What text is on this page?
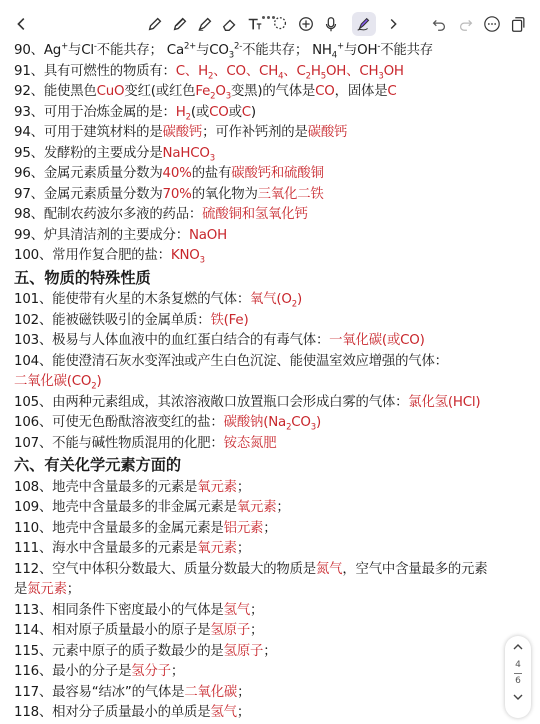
90、Ag+与Cl-不能共存； $Ca^{2+}$与$CO_3^{2-}$不能共存； $NH_4^+$与OH-不能共存
91、具有可燃性的物质有：C、$H_2$、CO、$CH_4$、$C_2H_5OH$、$CH_3OH$
92、能使黑色CuO变红(或红色$Fe_2O_3$变黑)的气体是CO，固体是C
93、可用于冶炼金属的是：$H_2$(或CO或C)
94、可用于建筑材料的是碳酸钙；可作补钙剂的是碳酸钙
95、发酵粉的主要成分是NaHCO$_3$
96、金属元素质量分数为40%的盐有碳酸钙和硫酸铜
97、金属元素质量分数为70%的氧化物为三氧化二铁
98、配制农药波尔多液的药品：硫酸铜和氢氧化钙
99、炉具清洁剂的主要成分：NaOH
100、常用作复合肥的盐：$KNO_3$
五、物质的特殊性质
101、能使带有火星的木条复燃的气体：氧气$(O_2)$
102、能被磁铁吸引的金属单质：铁(Fe)
103、极易与人体血液中的血红蛋白结合的有毒气体：一氧化碳(或CO)
104、能使澄清石灰水变浑浊或产生白色沉淀、能使温室效应增强的气体：
二氧化碳$(CO_2)$
105、由两种元素组成，其浓溶液敞口放置瓶口会形成白雾的气体：氯化氢(HCl)
106、可使无色酚酞溶液变红的盐：碳酸钠$(Na_2CO_3)$
107、不能与碱性物质混用的化肥：铵态氮肥
六、有关化学元素方面的
108、地壳中含量最多的元素是氧元素；
109、地壳中含量最多的非金属元素是氧元素；
110、地壳中含量最多的金属元素是铝元素；
111、海水中含量最多的元素是氧元素；
112、空气中体积分数最大、质量分数最大的物质是氮气，空气中含量最多的元素
是氮元素；
113、相同条件下密度最小的气体是氢气；
114、相对原子质量最小的原子是氢原子；
115、元素中原子的质子数最少的是氢原子；
116、最小的分子是氢分子；
117、最容易“结冰”的气体是二氧化碳；
118、相对分子质量最小的单质是氢气；
4
6
